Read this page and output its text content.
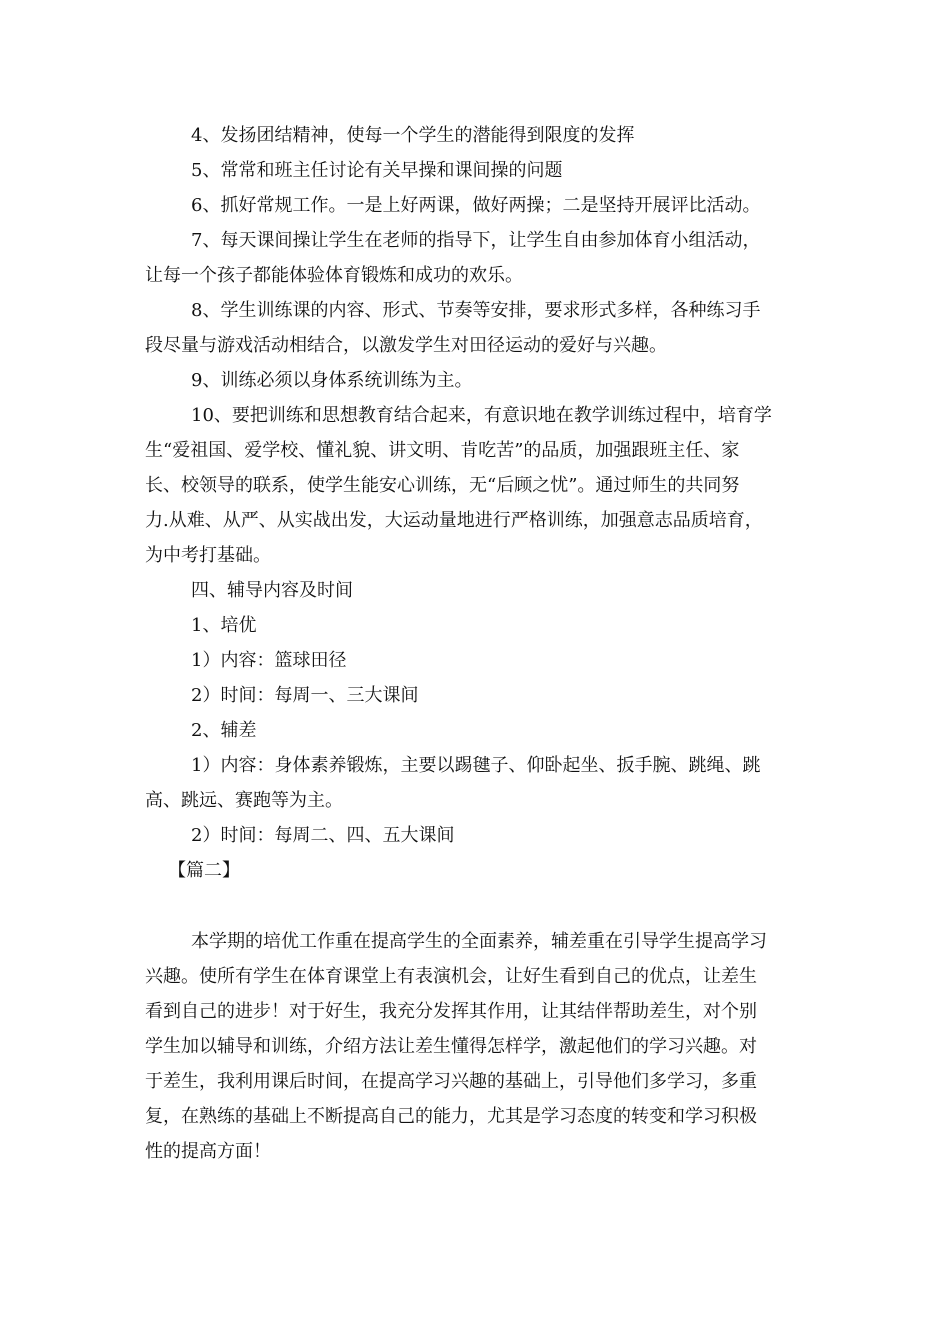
4、发扬团结精神，使每一个学生的潜能得到限度的发挥
5、常常和班主任讨论有关早操和课间操的问题
6、抓好常规工作。一是上好两课，做好两操；二是坚持开展评比活动。
7、每天课间操让学生在老师的指导下，让学生自由参加体育小组活动，
让每一个孩子都能体验体育锻炼和成功的欢乐。
8、学生训练课的内容、形式、节奏等安排，要求形式多样，各种练习手
段尽量与游戏活动相结合，以激发学生对田径运动的爱好与兴趣。
9、训练必须以身体系统训练为主。
10、要把训练和思想教育结合起来，有意识地在教学训练过程中，培育学
生“爱祖国、爱学校、懂礼貌、讲文明、肯吃苦”的品质，加强跟班主任、家
长、校领导的联系，使学生能安心训练，无“后顾之忧”。通过师生的共同努
力.从难、从严、从实战出发，大运动量地进行严格训练，加强意志品质培育，
为中考打基础。
四、辅导内容及时间
1、培优
1）内容：篮球田径
2）时间：每周一、三大课间
2、辅差
1）内容：身体素养锻炼，主要以踢毽子、仰卧起坐、扳手腕、跳绳、跳
高、跳远、赛跑等为主。
2）时间：每周二、四、五大课间
【篇二】
本学期的培优工作重在提高学生的全面素养，辅差重在引导学生提高学习
兴趣。使所有学生在体育课堂上有表演机会，让好生看到自己的优点，让差生
看到自己的进步！对于好生，我充分发挥其作用，让其结伴帮助差生，对个别
学生加以辅导和训练，介绍方法让差生懂得怎样学，激起他们的学习兴趣。对
于差生，我利用课后时间，在提高学习兴趣的基础上，引导他们多学习，多重
复，在熟练的基础上不断提高自己的能力，尤其是学习态度的转变和学习积极
性的提高方面！
